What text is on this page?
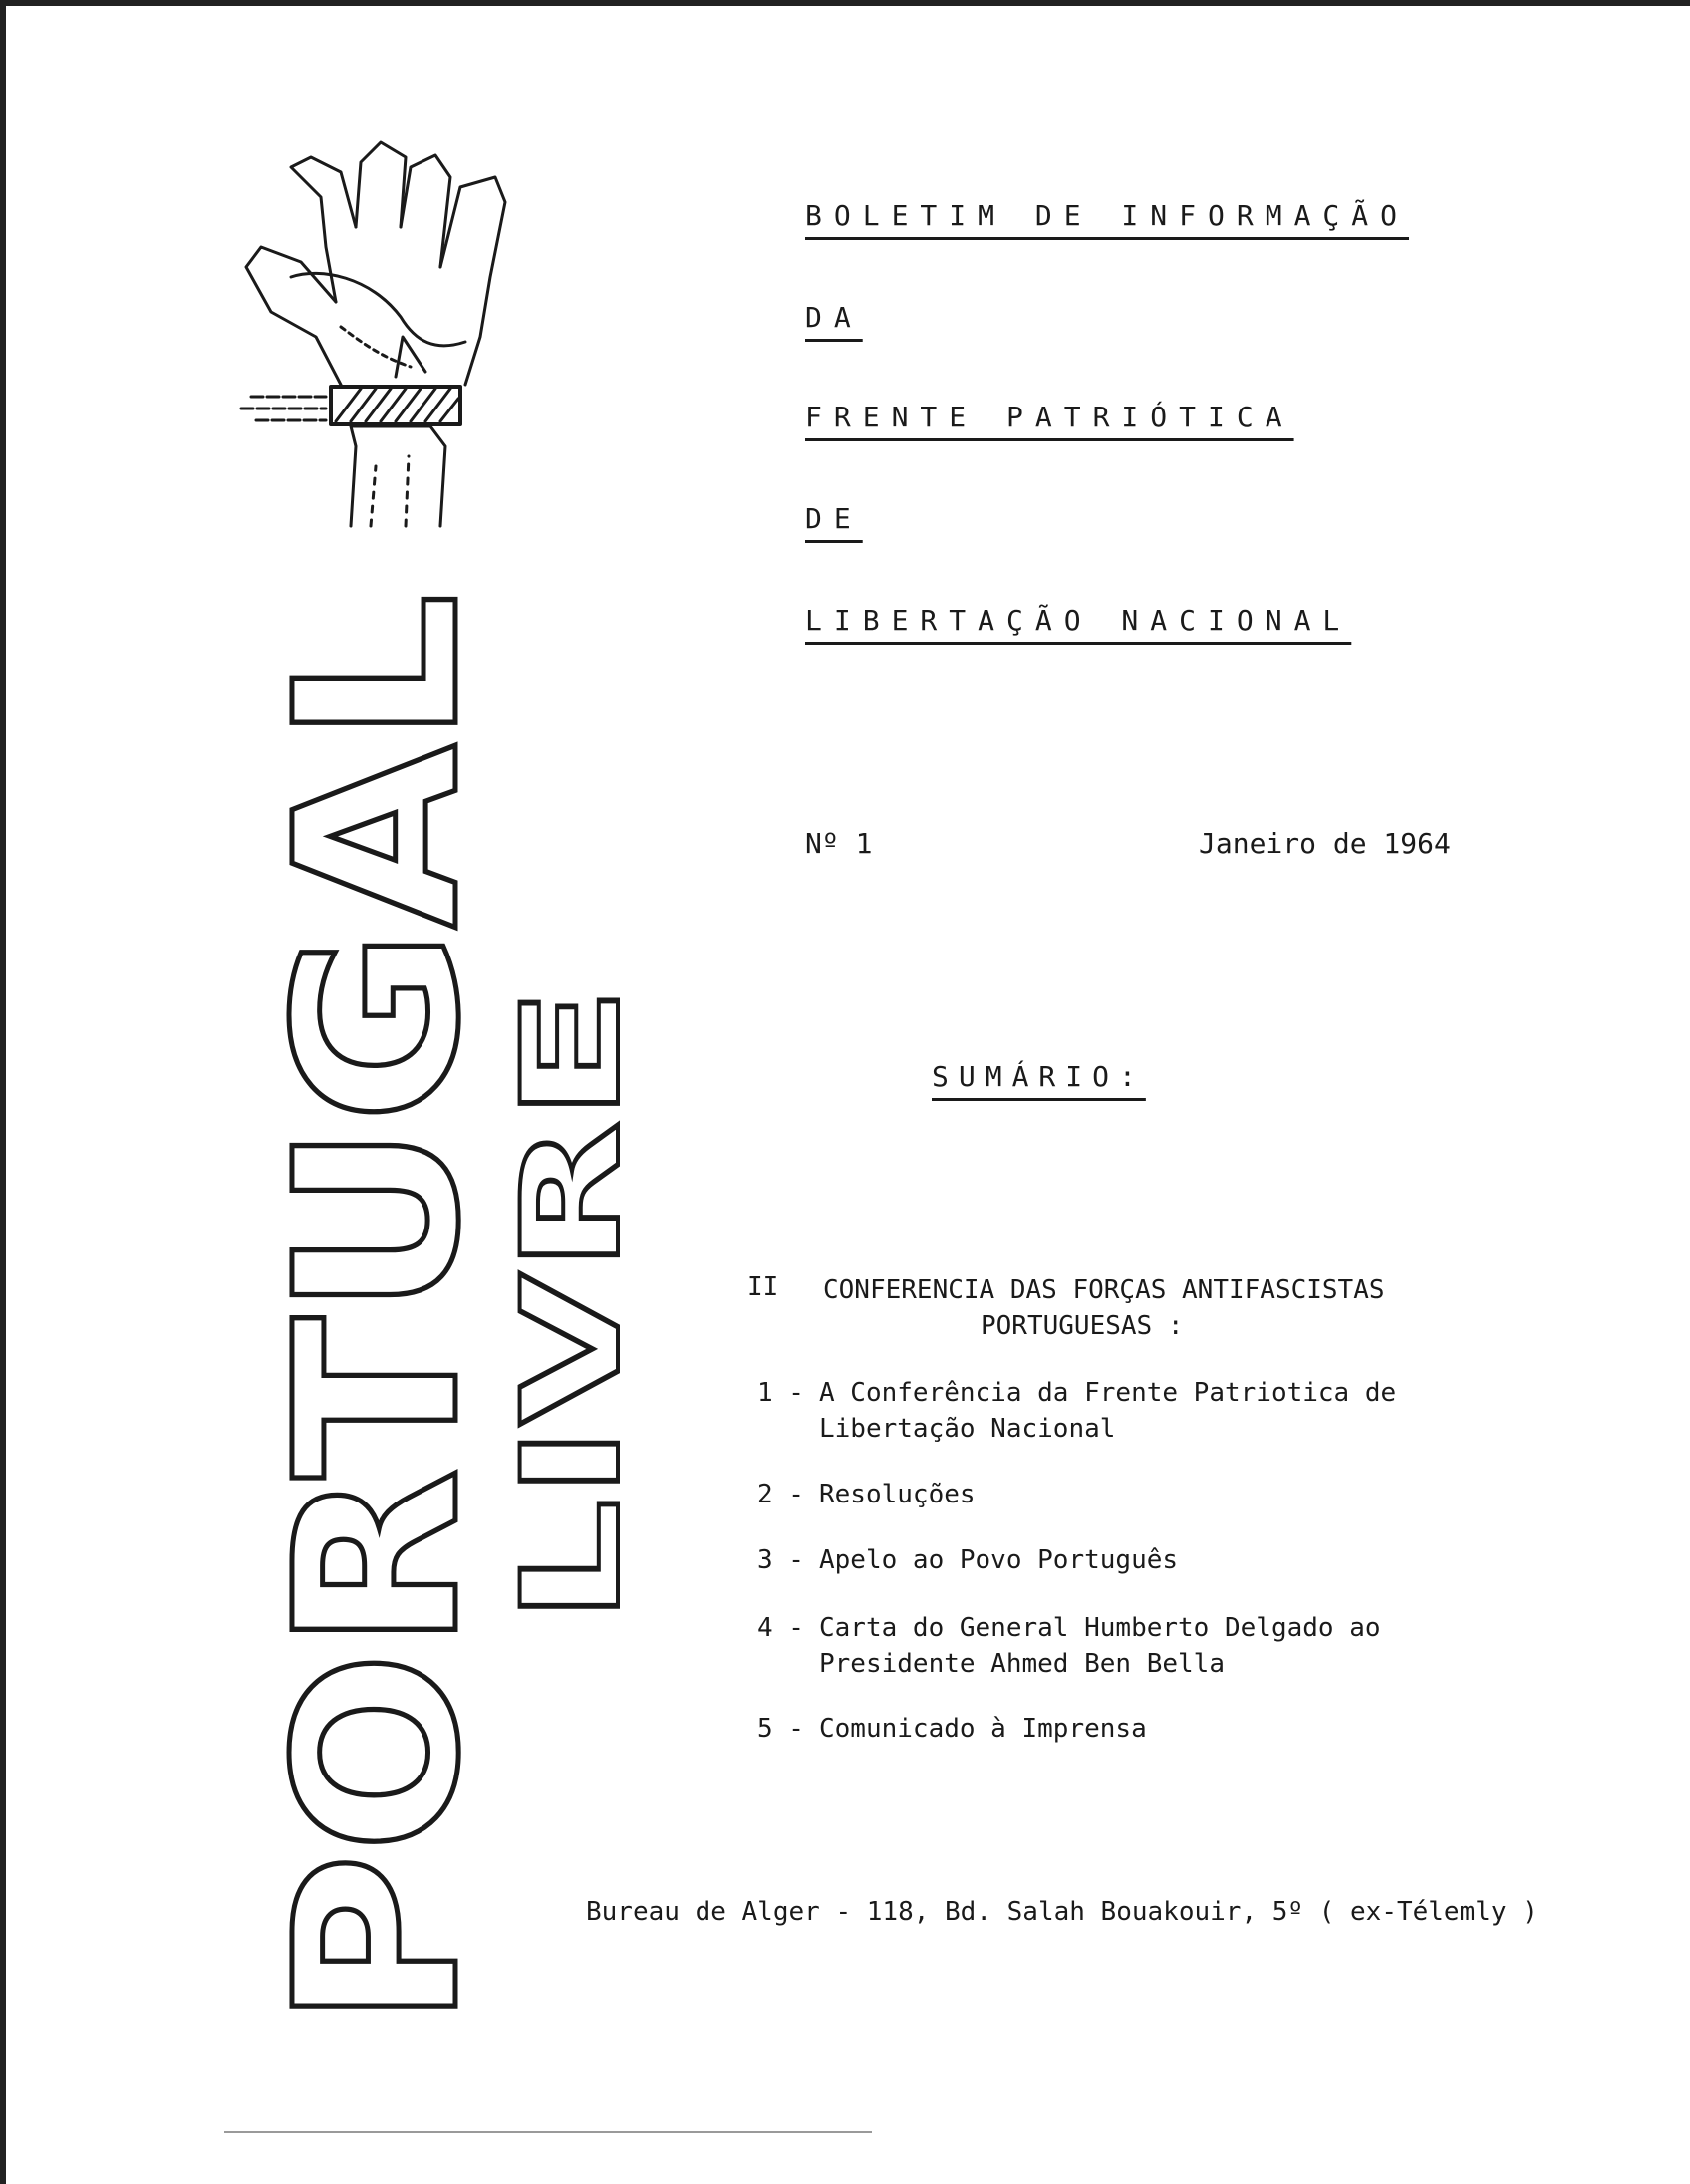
PORTUGAL
LIVRE
BOLETIM DE INFORMAÇÃO
DA
FRENTE PATRIÓTICA
DE
LIBERTAÇÃO NACIONAL
Nº 1	Janeiro de 1964
SUMÁRIO:
II CONFERENCIA DAS FORÇAS ANTIFASCISTAS
PORTUGUESAS :
1 - A Conferência da Frente Patriotica de Libertação Nacional
2 - Resoluções
3 - Apelo ao Povo Português
4 - Carta do General Humberto Delgado ao Presidente Ahmed Ben Bella
5 - Comunicado à Imprensa
Bureau de Alger - 118, Bd. Salah Bouakouir, 5º ( ex-Télemly )
